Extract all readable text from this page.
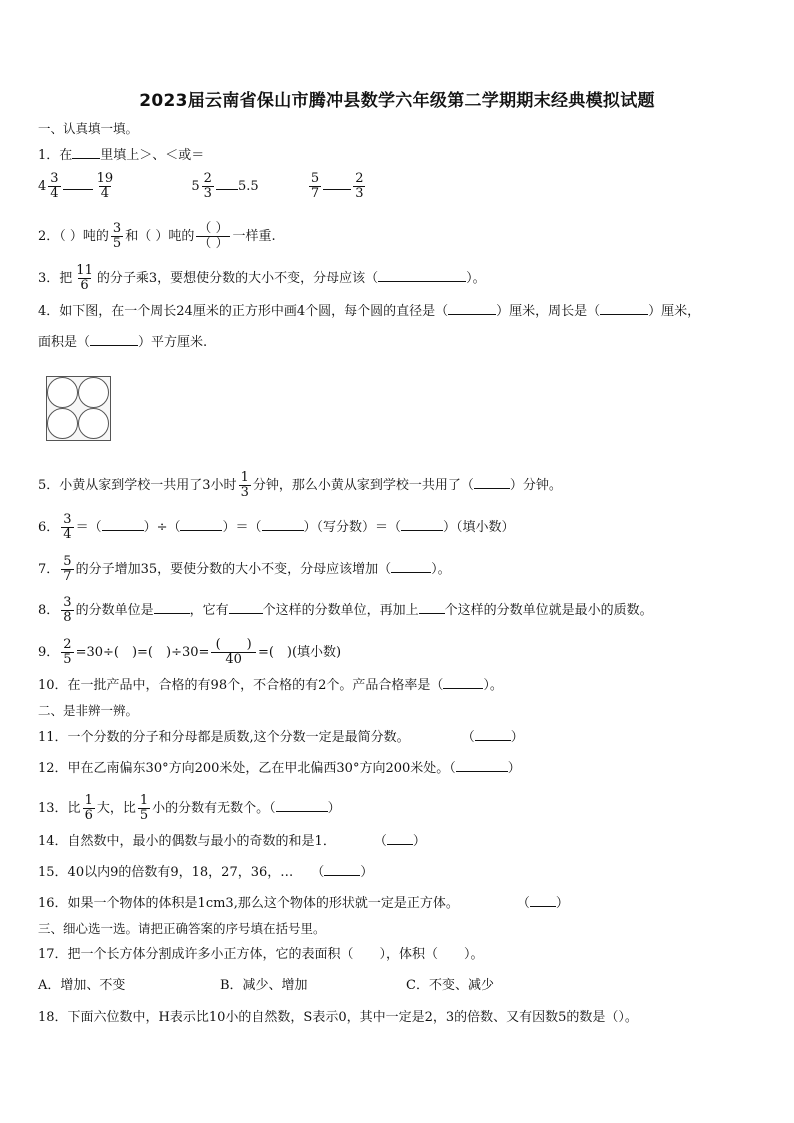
2023届云南省保山市腾冲县数学六年级第二学期期末经典模拟试题
一、认真填一填。
1．在 里填上＞、＜或＝
$4 \frac{3}{4}$	$\frac{19}{4}$	$5 \frac{2}{3} 5.5$	$\frac{5}{7} \frac{2}{3}$
2．（ ）吨的 $\frac{3}{5}$ 和（ ）吨的 $\frac{( )}{( )}$ 一样重.
3．把 $\frac{11}{6}$ 的分子乘3，要想使分数的大小不变，分母应该（	）。
4．如下图，在一个周长24厘米的正方形中画4个圆，每个圆的直径是（	）厘米，周长是（	）厘米，
面积是（	）平方厘米.
5．小黄从家到学校一共用了3小时 $\frac{1}{3}$ 分钟，那么小黄从家到学校一共用了（	）分钟。
6． $\frac{3}{4}$ ＝（	）÷（	）＝（	）（写分数）＝（	）（填小数）
7． $\frac{5}{7}$ 的分子增加35，要使分数的大小不变，分母应该增加（	）。
8． $\frac{3}{8}$ 的分数单位是	，它有	个这样的分数单位，再加上 个这样的分数单位就是最小的质数。
9． $\frac{2}{5} =30\div$(　)=(　)$\div 30= \frac{( )}{40}$ =(　)(填小数)
10．在一批产品中，合格的有98个，不合格的有2个。产品合格率是（	）。
二、是非辨一辨。
11．一个分数的分子和分母都是质数,这个分数一定是最简分数。	（	）
12．甲在乙南偏东30°方向200米处，乙在甲北偏西30°方向200米处。（	）
13．比 $\frac{1}{6}$ 大，比 $\frac{1}{5}$ 小的分数有无数个。（	）
14．自然数中，最小的偶数与最小的奇数的和是1．	（ ）
15．40以内9的倍数有9，18，27，36，… （	）
16．如果一个物体的体积是1cm3,那么这个物体的形状就一定是正方体。	（ ）
三、细心选一选。请把正确答案的序号填在括号里。
17．把一个长方体分割成许多小正方体，它的表面积（　　），体积（　　）。
A．增加、不变	B．减少、增加	C．不变、减少
18．下面六位数中，H表示比10小的自然数，S表示0，其中一定是2，3的倍数、又有因数5的数是（）。
